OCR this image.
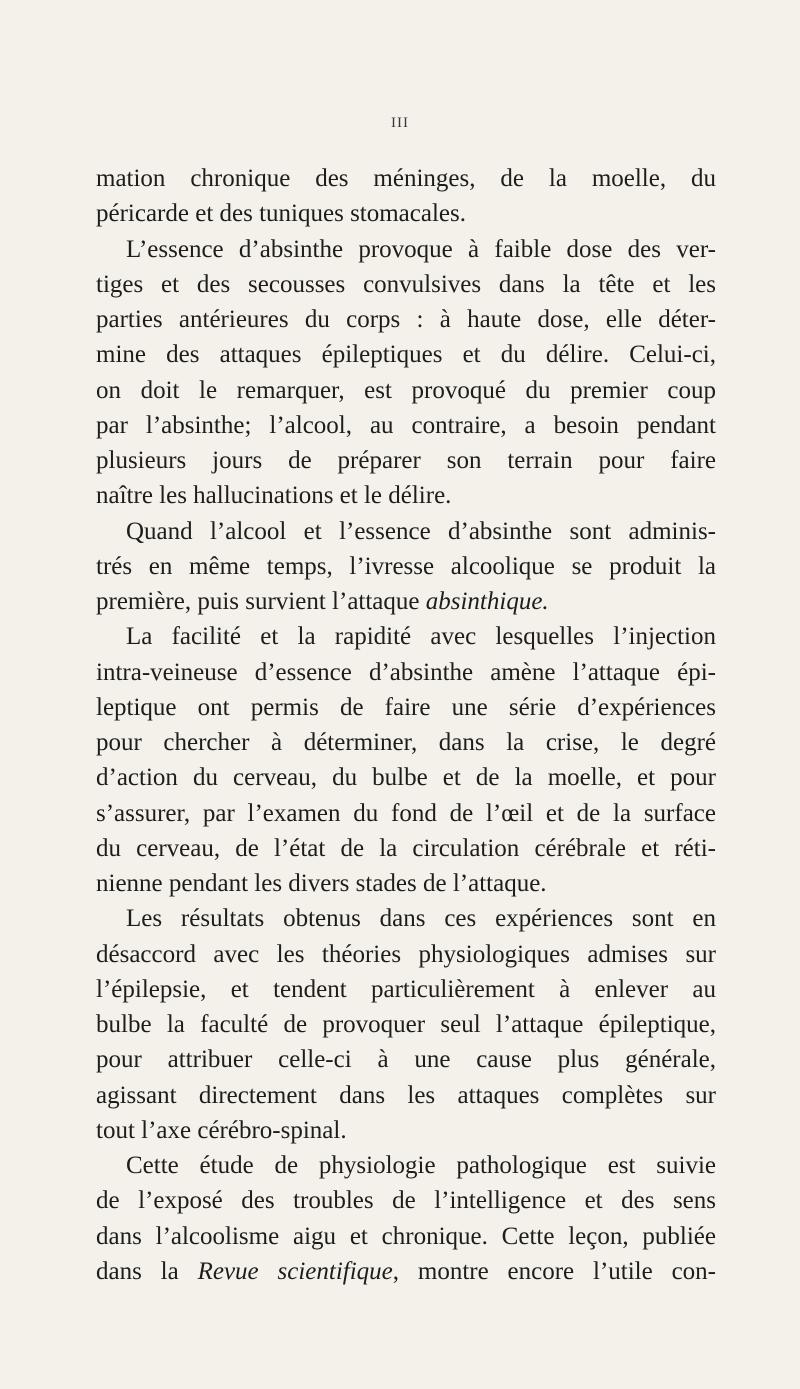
III
mation chronique des méninges, de la moelle, du
péricarde et des tuniques stomacales.
L’essence d’absinthe provoque à faible dose des ver-
tiges et des secousses convulsives dans la tête et les
parties antérieures du corps : à haute dose, elle déter-
mine des attaques épileptiques et du délire. Celui-ci,
on doit le remarquer, est provoqué du premier coup
par l’absinthe; l’alcool, au contraire, a besoin pendant
plusieurs jours de préparer son terrain pour faire
naître les hallucinations et le délire.
Quand l’alcool et l’essence d’absinthe sont adminis-
trés en même temps, l’ivresse alcoolique se produit la
première, puis survient l’attaque absinthique.
La facilité et la rapidité avec lesquelles l’injection
intra-veineuse d’essence d’absinthe amène l’attaque épi-
leptique ont permis de faire une série d’expériences
pour chercher à déterminer, dans la crise, le degré
d’action du cerveau, du bulbe et de la moelle, et pour
s’assurer, par l’examen du fond de l’œil et de la surface
du cerveau, de l’état de la circulation cérébrale et réti-
nienne pendant les divers stades de l’attaque.
Les résultats obtenus dans ces expériences sont en
désaccord avec les théories physiologiques admises sur
l’épilepsie, et tendent particulièrement à enlever au
bulbe la faculté de provoquer seul l’attaque épileptique,
pour attribuer celle-ci à une cause plus générale,
agissant directement dans les attaques complètes sur
tout l’axe cérébro-spinal.
Cette étude de physiologie pathologique est suivie
de l’exposé des troubles de l’intelligence et des sens
dans l’alcoolisme aigu et chronique. Cette leçon, publiée
dans la Revue scientifique, montre encore l’utile con-
